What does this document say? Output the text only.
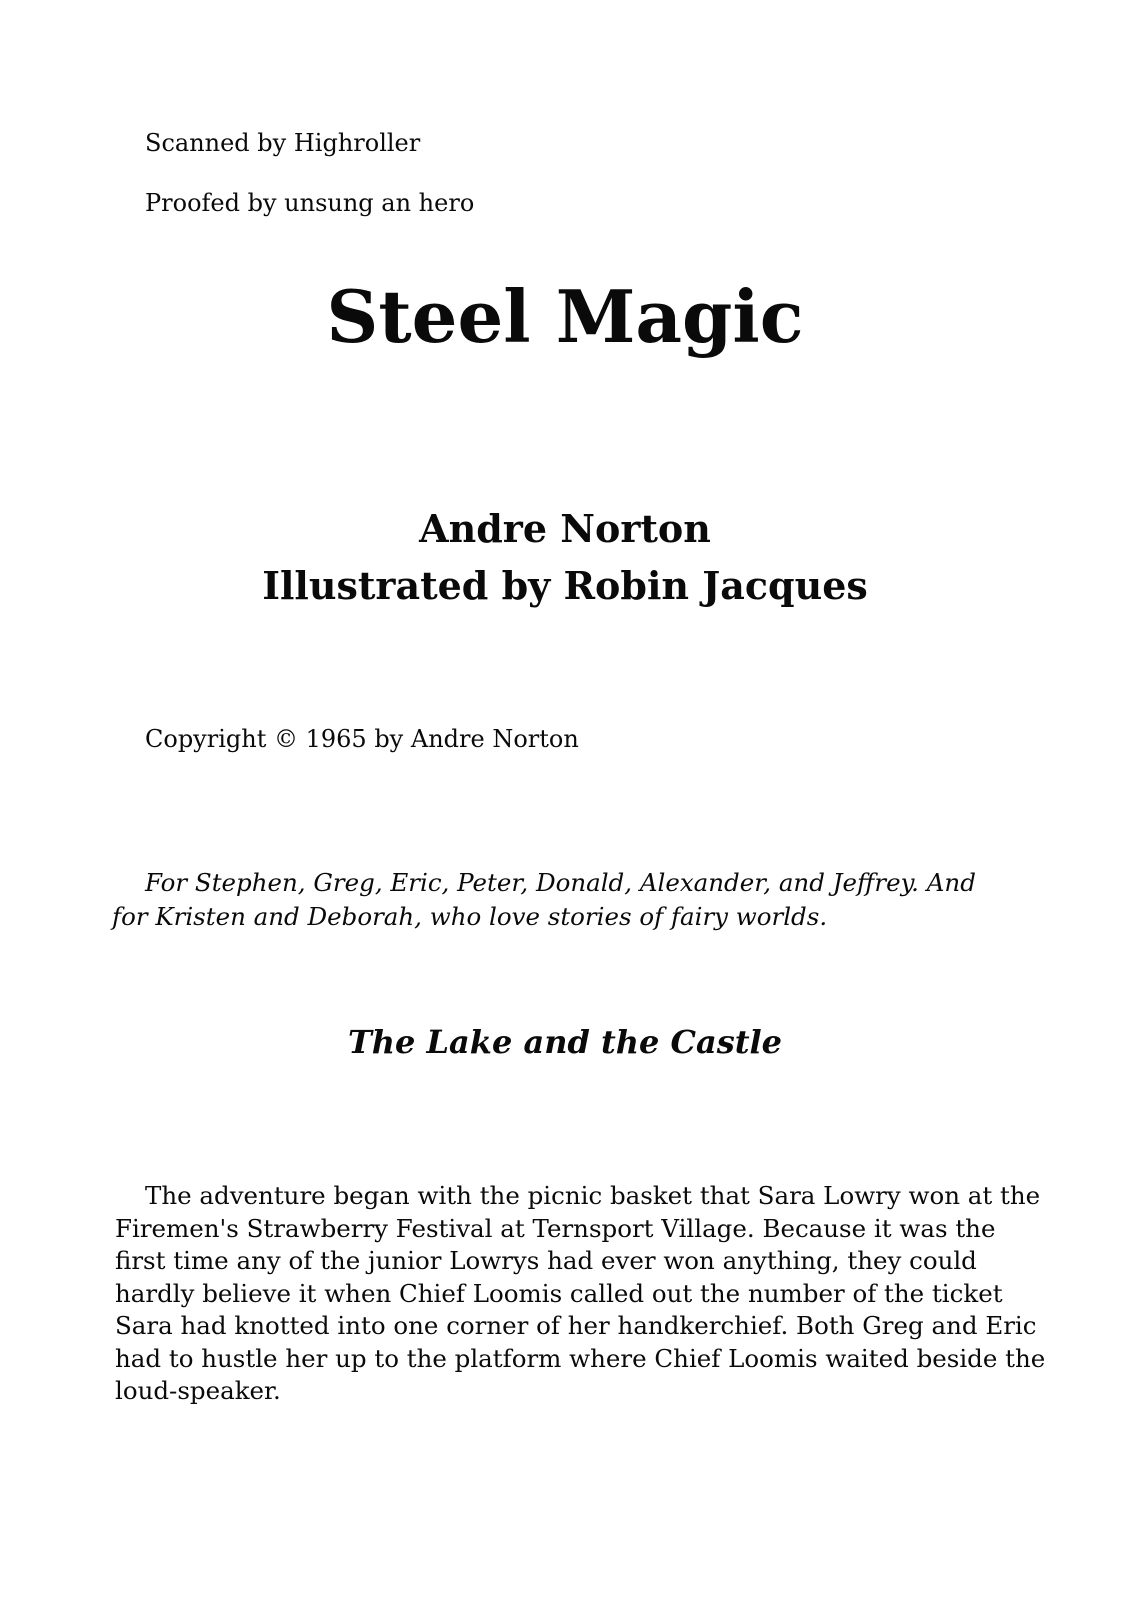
Scanned by Highroller
Proofed by unsung an hero
Steel Magic
Andre Norton
Illustrated by Robin Jacques
Copyright © 1965 by Andre Norton
For Stephen, Greg, Eric, Peter, Donald, Alexander, and Jeffrey. And
for Kristen and Deborah, who love stories of fairy worlds.
The Lake and the Castle
The adventure began with the picnic basket that Sara Lowry won at the
Firemen's Strawberry Festival at Ternsport Village. Because it was the
first time any of the junior Lowrys had ever won anything, they could
hardly believe it when Chief Loomis called out the number of the ticket
Sara had knotted into one corner of her handkerchief. Both Greg and Eric
had to hustle her up to the platform where Chief Loomis waited beside the
loud-speaker.
